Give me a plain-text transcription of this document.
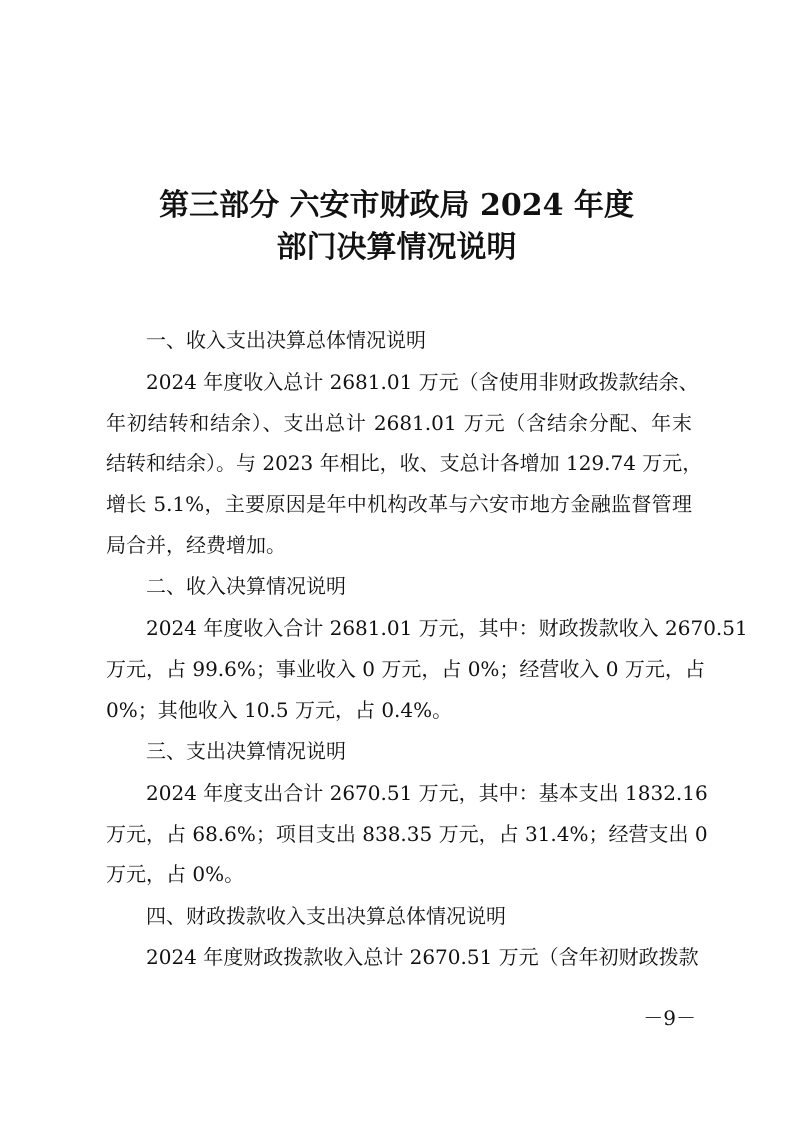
第三部分 六安市财政局 2024 年度
部门决算情况说明
一、收入支出决算总体情况说明
2024 年度收入总计 2681.01 万元（含使用非财政拨款结余、
年初结转和结余）、支出总计 2681.01 万元（含结余分配、年末
结转和结余）。与 2023 年相比，收、支总计各增加 129.74 万元，
增长 5.1%，主要原因是年中机构改革与六安市地方金融监督管理
局合并，经费增加。
二、收入决算情况说明
2024 年度收入合计 2681.01 万元，其中：财政拨款收入 2670.51
万元，占 99.6%；事业收入 0 万元，占 0%；经营收入 0 万元，占
0%；其他收入 10.5 万元，占 0.4%。
三、支出决算情况说明
2024 年度支出合计 2670.51 万元，其中：基本支出 1832.16
万元，占 68.6%；项目支出 838.35 万元，占 31.4%；经营支出 0
万元，占 0%。
四、财政拨款收入支出决算总体情况说明
2024 年度财政拨款收入总计 2670.51 万元（含年初财政拨款
－9－
